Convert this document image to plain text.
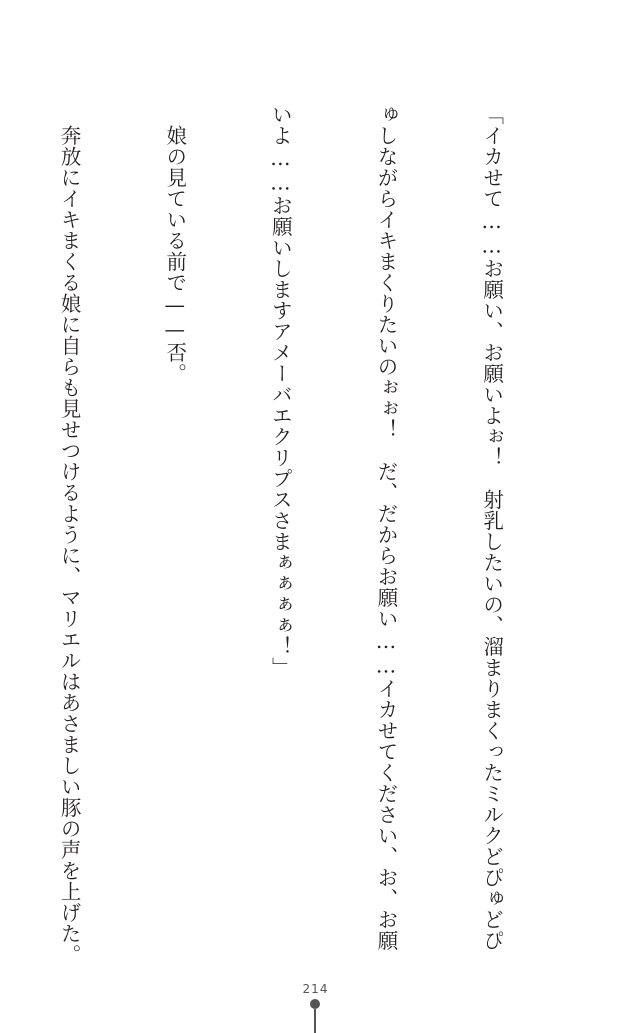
「イカせて……お願い、お願いよぉ！　射乳したいの、溜まりまくったミルクどぴゅどぴ

ゅしながらイキまくりたいのぉぉ！　だ、だからお願い……イカせてください、お、お願

いよ……お願いしますアメーバエクリプスさまぁぁぁぁ！」

　娘の見ている前で——否。

　奔放にイキまくる娘に自らも見せつけるように、マリエルはあさましい豚の声を上げた。

214
